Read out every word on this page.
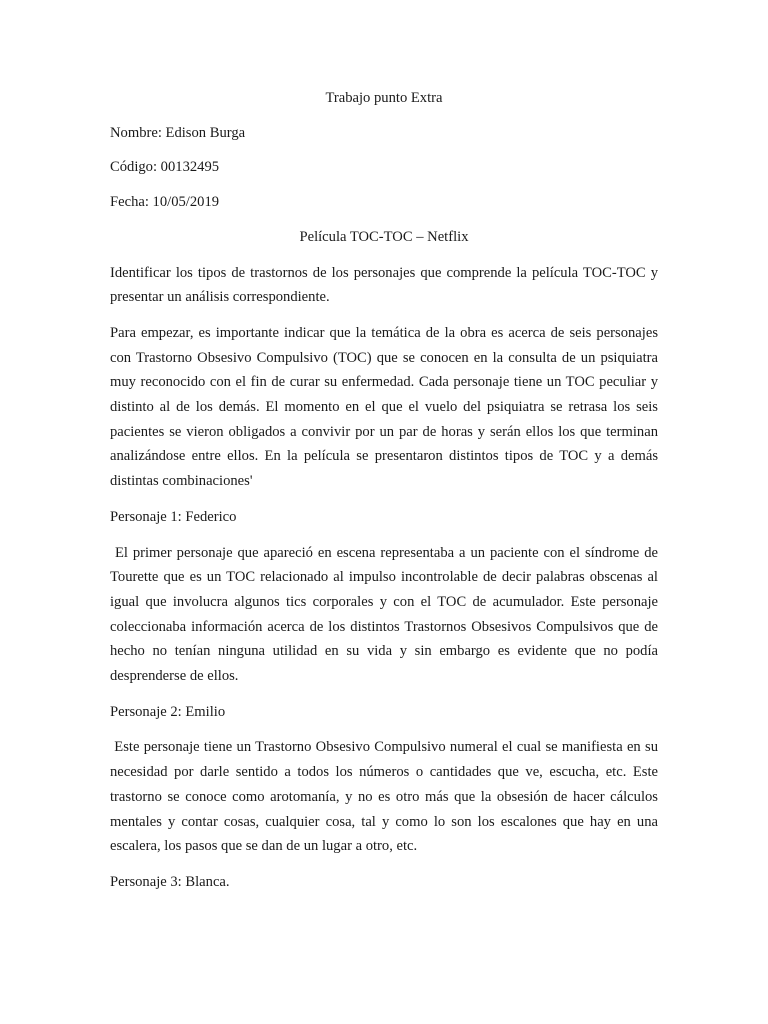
Trabajo punto Extra

Nombre: Edison Burga

Código: 00132495

Fecha: 10/05/2019

Película TOC-TOC – Netflix

Identificar los tipos de trastornos de los personajes que comprende la película TOC-TOC y presentar un análisis correspondiente.

Para empezar, es importante indicar que la temática de la obra es acerca de seis personajes con Trastorno Obsesivo Compulsivo (TOC) que se conocen en la consulta de un psiquiatra muy reconocido con el fin de curar su enfermedad. Cada personaje tiene un TOC peculiar y distinto al de los demás. El momento en el que el vuelo del psiquiatra se retrasa los seis pacientes se vieron obligados a convivir por un par de horas y serán ellos los que terminan analizándose entre ellos. En la película se presentaron distintos tipos de TOC y a demás distintas combinaciones'

Personaje 1: Federico

El primer personaje que apareció en escena representaba a un paciente con el síndrome de Tourette que es un TOC relacionado al impulso incontrolable de decir palabras obscenas al igual que involucra algunos tics corporales y con el TOC de acumulador. Este personaje coleccionaba información acerca de los distintos Trastornos Obsesivos Compulsivos que de hecho no tenían ninguna utilidad en su vida y sin embargo es evidente que no podía desprenderse de ellos.

Personaje 2: Emilio

Este personaje tiene un Trastorno Obsesivo Compulsivo numeral el cual se manifiesta en su necesidad por darle sentido a todos los números o cantidades que ve, escucha, etc. Este trastorno se conoce como arotomanía, y no es otro más que la obsesión de hacer cálculos mentales y contar cosas, cualquier cosa, tal y como lo son los escalones que hay en una escalera, los pasos que se dan de un lugar a otro, etc.

Personaje 3: Blanca.
